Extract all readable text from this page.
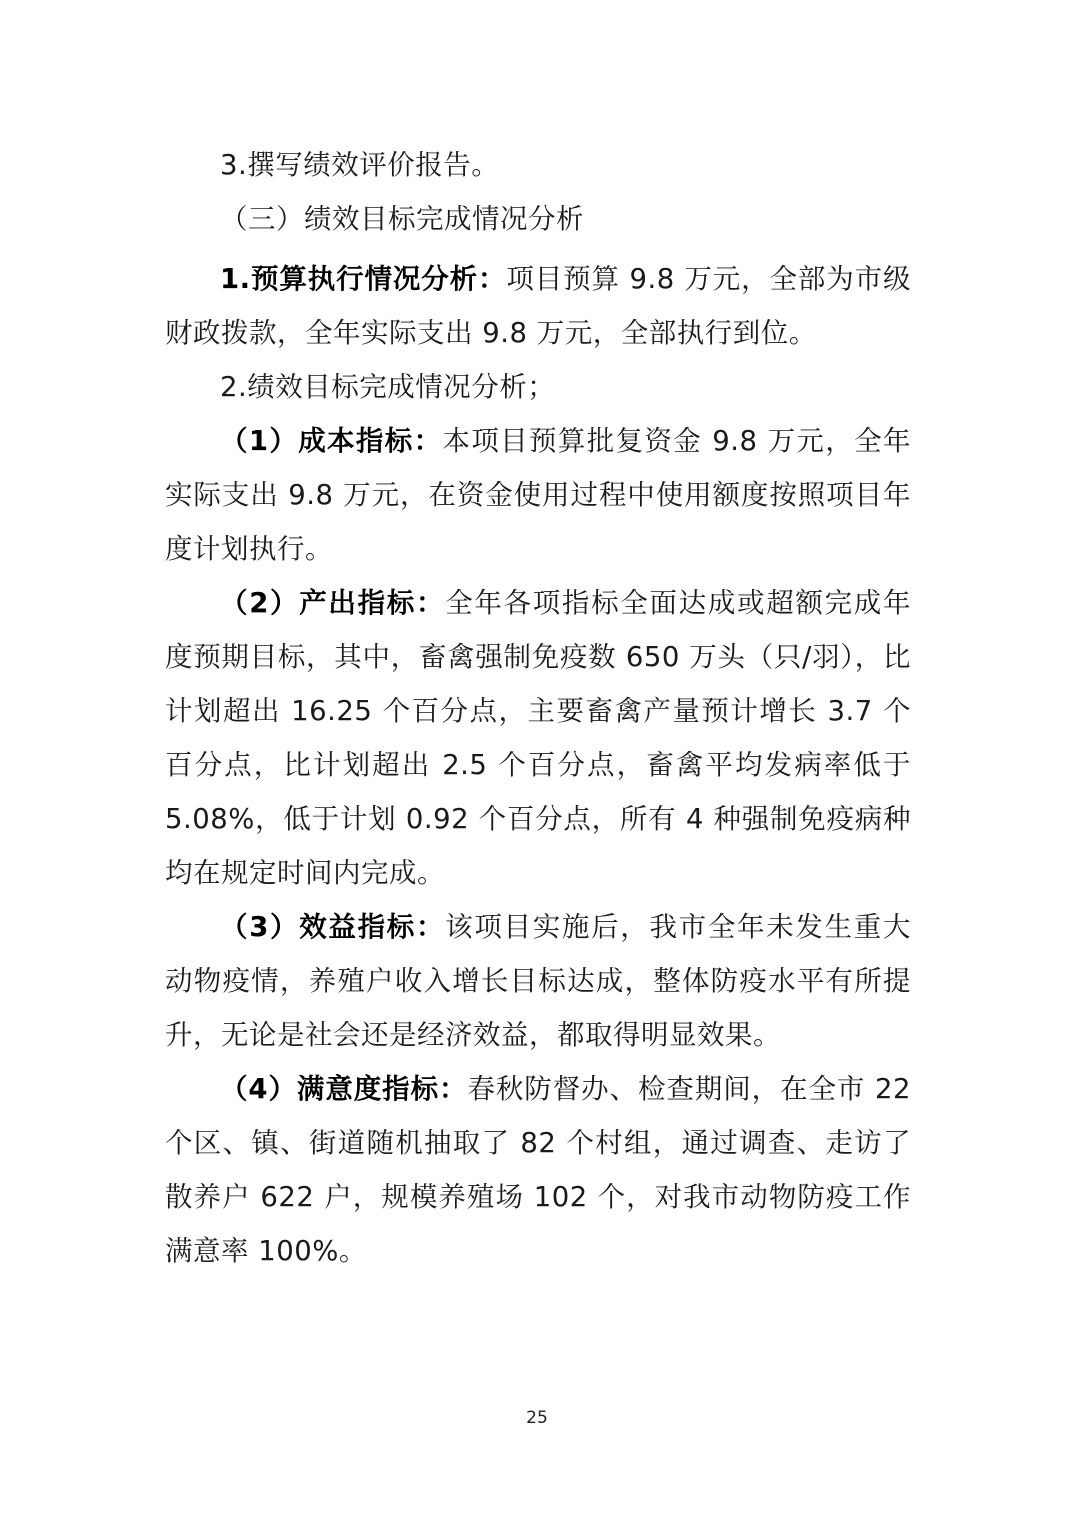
3.撰写绩效评价报告。

（三）绩效目标完成情况分析

1.预算执行情况分析：项目预算 9.8 万元，全部为市级财政拨款，全年实际支出 9.8 万元，全部执行到位。

2.绩效目标完成情况分析；

（1）成本指标：本项目预算批复资金 9.8 万元，全年实际支出 9.8 万元，在资金使用过程中使用额度按照项目年度计划执行。

（2）产出指标：全年各项指标全面达成或超额完成年度预期目标，其中，畜禽强制免疫数 650 万头（只/羽），比计划超出 16.25 个百分点，主要畜禽产量预计增长 3.7 个百分点，比计划超出 2.5 个百分点，畜禽平均发病率低于 5.08%，低于计划 0.92 个百分点，所有 4 种强制免疫病种均在规定时间内完成。

（3）效益指标：该项目实施后，我市全年未发生重大动物疫情，养殖户收入增长目标达成，整体防疫水平有所提升，无论是社会还是经济效益，都取得明显效果。

（4）满意度指标：春秋防督办、检查期间，在全市 22 个区、镇、街道随机抽取了 82 个村组，通过调查、走访了散养户 622 户，规模养殖场 102 个，对我市动物防疫工作满意率 100%。

25
